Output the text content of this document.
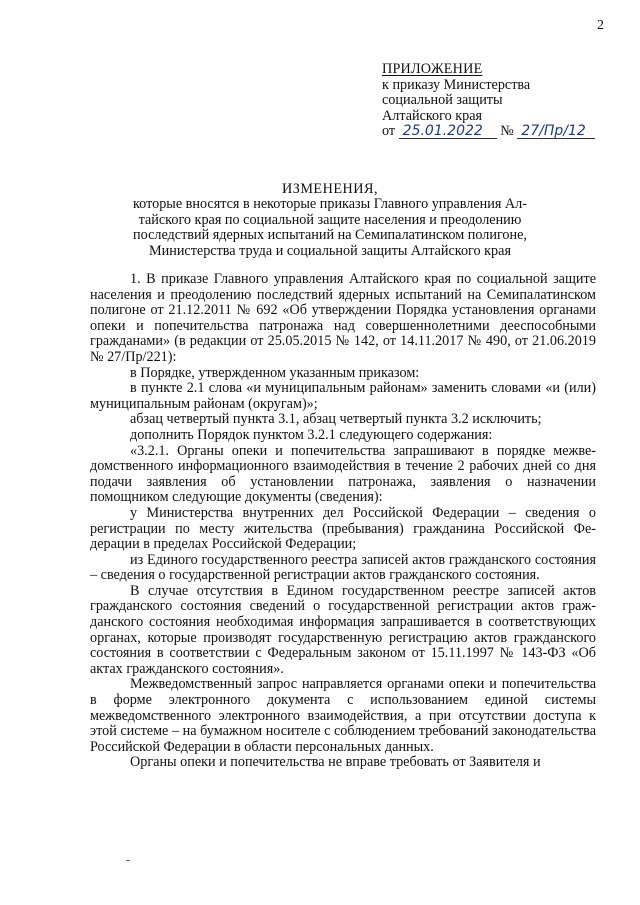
2
ПРИЛОЖЕНИЕ
к приказу Министерства
социальной защиты
Алтайского края
от 25.01.2022 № 27/Пр/12
ИЗМЕНЕНИЯ,
которые вносятся в некоторые приказы Главного управления Ал-
тайского края по социальной защите населения и преодолению
последствий ядерных испытаний на Семипалатинском полигоне,
Министерства труда и социальной защиты Алтайского края

1. В приказе Главного управления Алтайского края по социальной защите населения и преодолению последствий ядерных испытаний на Семипалатинском полигоне от 21.12.2011 № 692 «Об утверждении Порядка установления органами опеки и попечительства патронажа над совершеннолетними дееспособными гражданами» (в редакции от 25.05.2015 № 142, от 14.11.2017 № 490, от 21.06.2019 № 27/Пр/221):

в Порядке, утвержденном указанным приказом:

в пункте 2.1 слова «и муниципальным районам» заменить словами «и (или) муниципальным районам (округам)»;

абзац четвертый пункта 3.1, абзац четвертый пункта 3.2 исключить;

дополнить Порядок пунктом 3.2.1 следующего содержания:

«3.2.1. Органы опеки и попечительства запрашивают в порядке межведомственного информационного взаимодействия в течение 2 рабочих дней со дня подачи заявления об установлении патронажа, заявления о назначении помощником следующие документы (сведения):

у Министерства внутренних дел Российской Федерации – сведения о регистрации по месту жительства (пребывания) гражданина Российской Федерации в пределах Российской Федерации;

из Единого государственного реестра записей актов гражданского состояния – сведения о государственной регистрации актов гражданского состояния.

В случае отсутствия в Едином государственном реестре записей актов гражданского состояния сведений о государственной регистрации актов гражданского состояния необходимая информация запрашивается в соответствующих органах, которые производят государственную регистрацию актов гражданского состояния в соответствии с Федеральным законом от 15.11.1997 № 143-ФЗ «Об актах гражданского состояния».

Межведомственный запрос направляется органами опеки и попечительства в форме электронного документа с использованием единой системы межведомственного электронного взаимодействия, а при отсутствии доступа к этой системе – на бумажном носителе с соблюдением требований законодательства Российской Федерации в области персональных данных.

Органы опеки и попечительства не вправе требовать от Заявителя и
